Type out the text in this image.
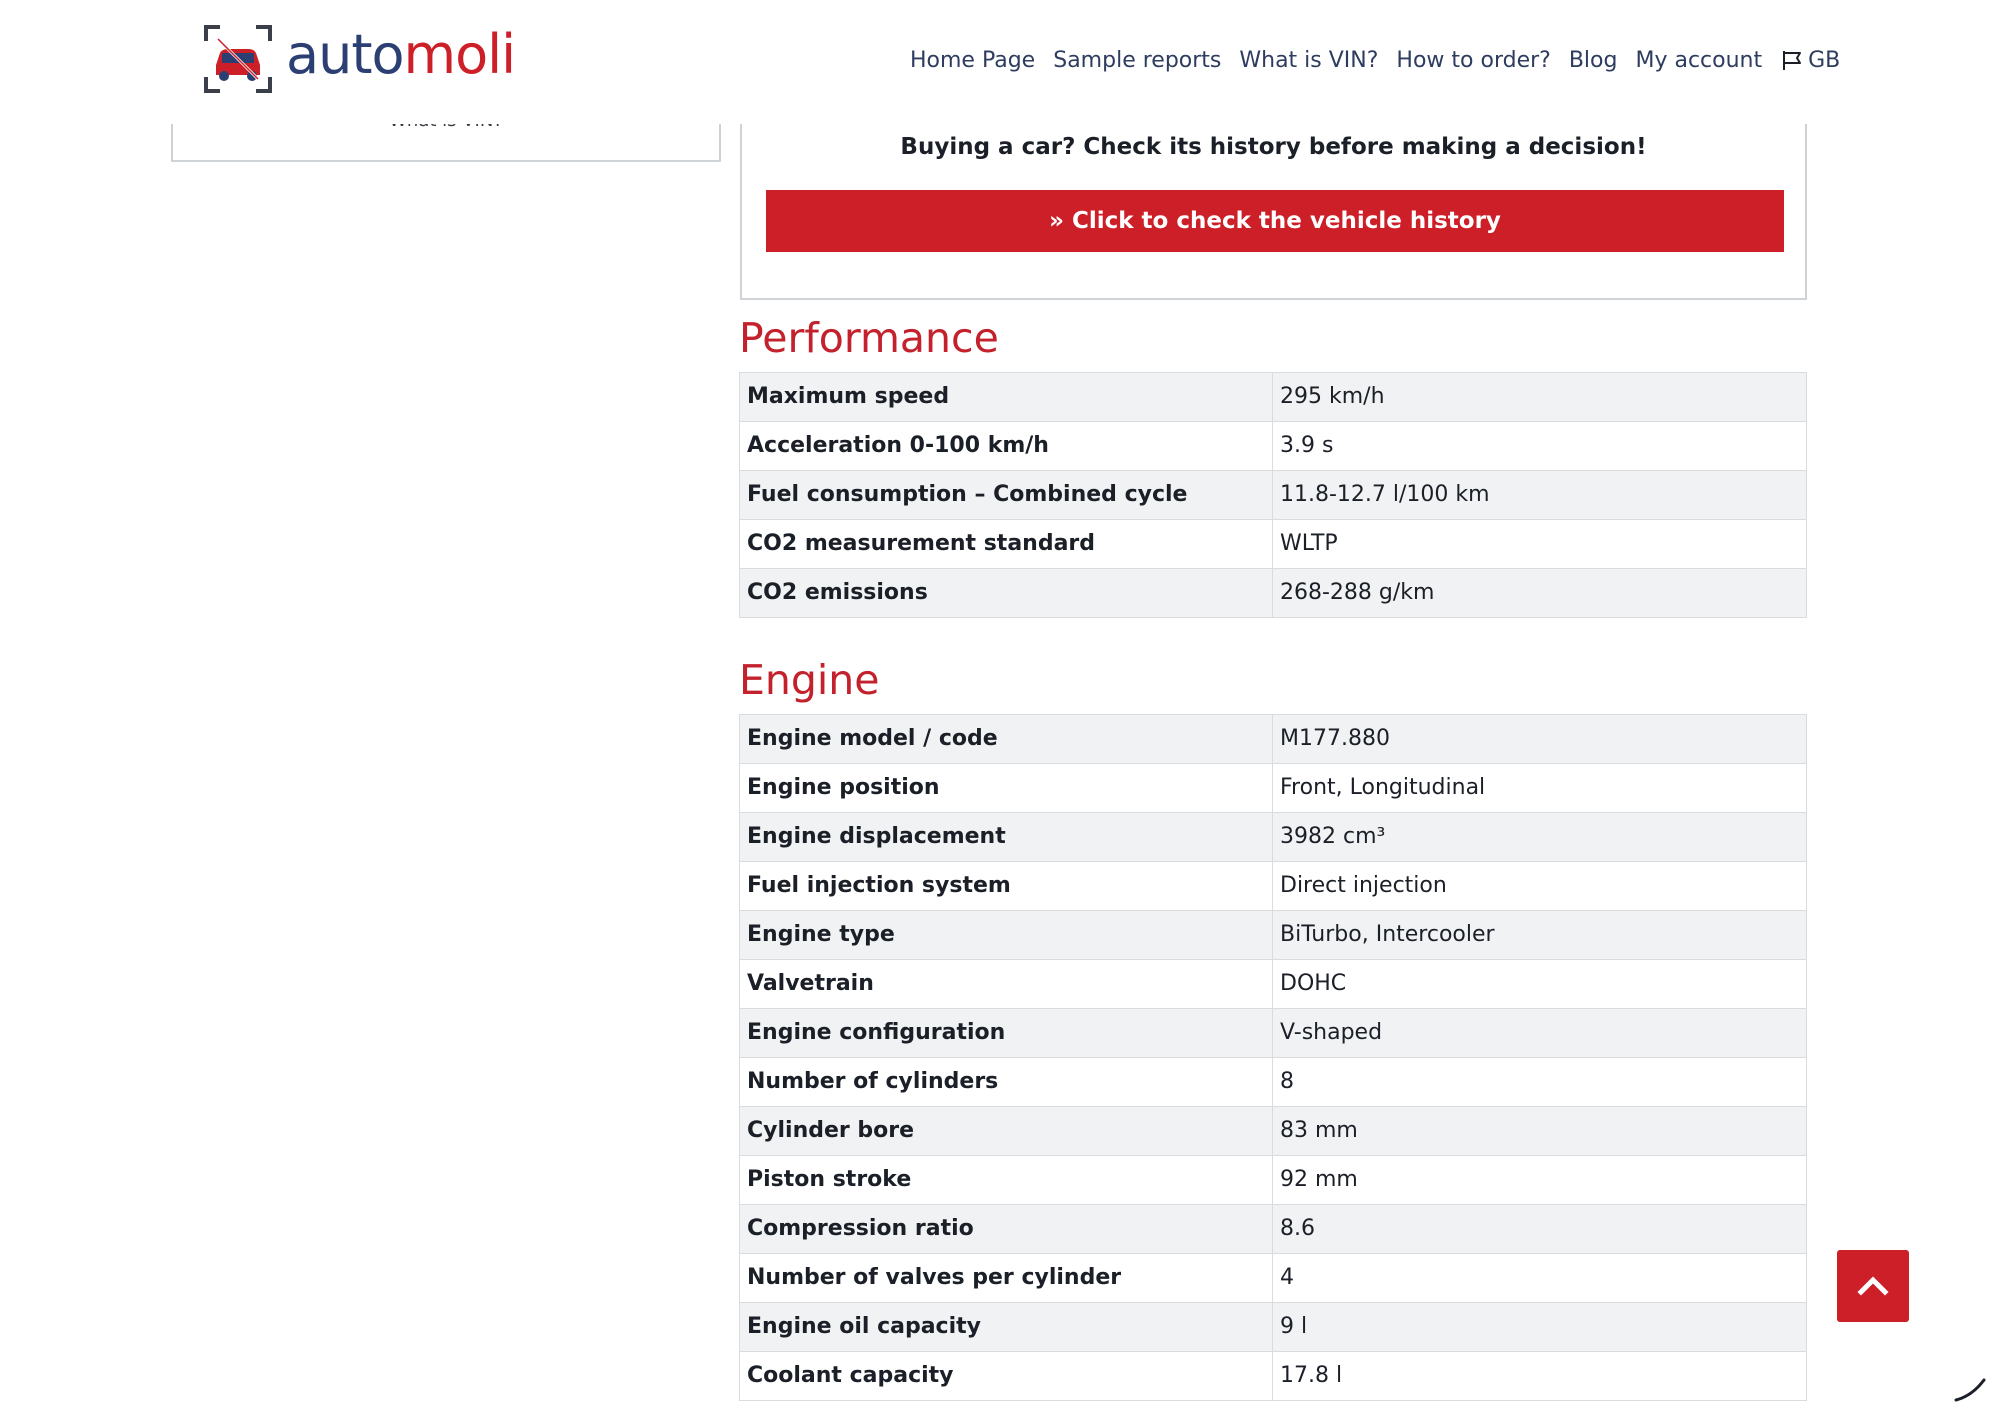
automoli	Home Page Sample reports What is VIN? How to order? Blog My account GB
Buying a car? Check its history before making a decision!
» Click to check the vehicle history
Performance
Maximum speed	295 km/h
Acceleration 0-100 km/h	3.9 s
Fuel consumption – Combined cycle	11.8-12.7 l/100 km
CO2 measurement standard	WLTP
CO2 emissions	268-288 g/km
Engine
Engine model / code	M177.880
Engine position	Front, Longitudinal
Engine displacement	3982 cm³
Fuel injection system	Direct injection
Engine type	BiTurbo, Intercooler
Valvetrain	DOHC
Engine configuration	V-shaped
Number of cylinders	8
Cylinder bore	83 mm
Piston stroke	92 mm
Compression ratio	8.6
Number of valves per cylinder	4
Engine oil capacity	9 l
Coolant capacity	17.8 l
